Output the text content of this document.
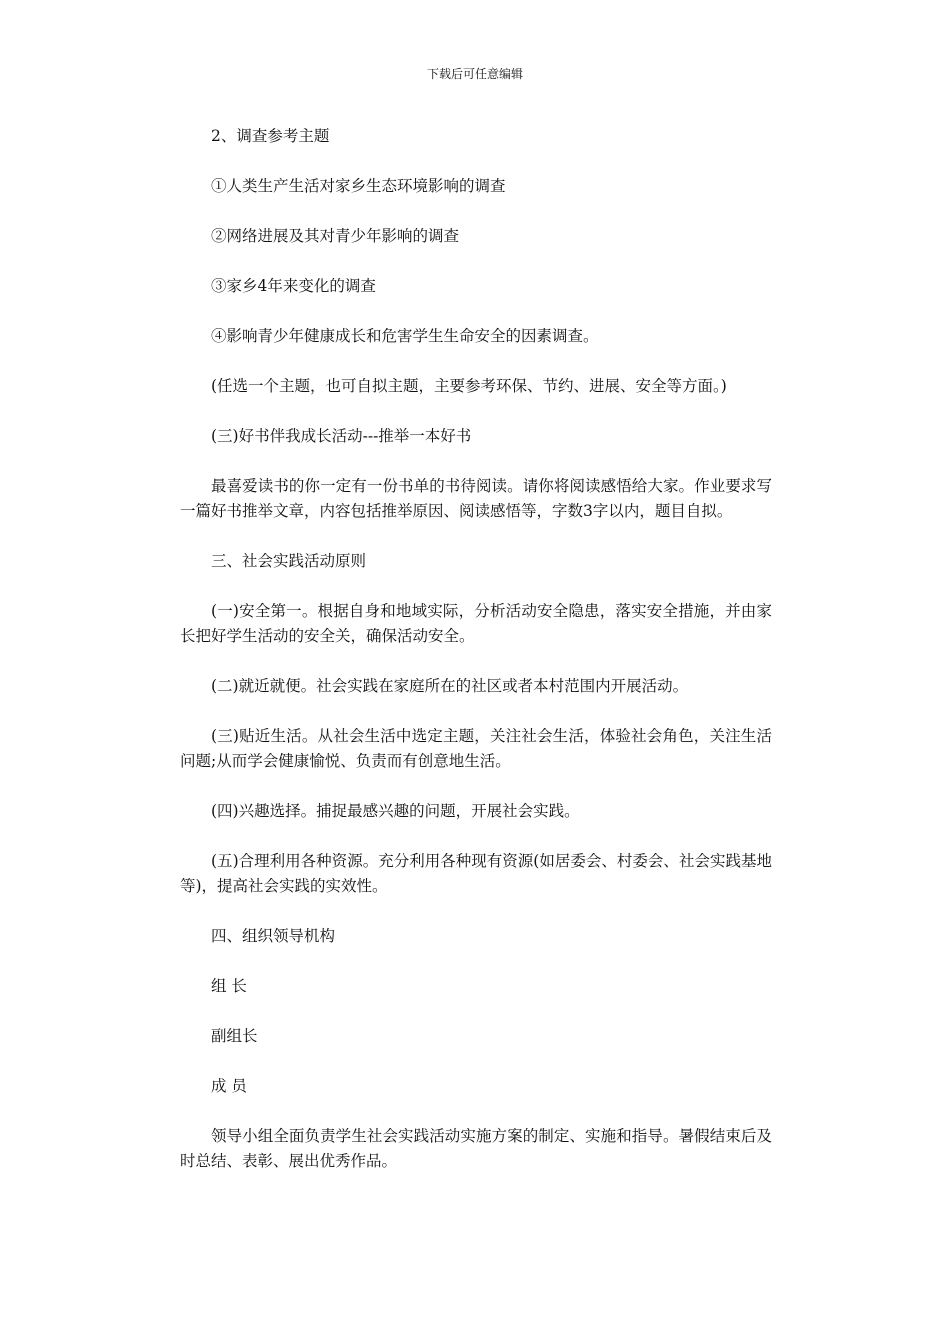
下载后可任意编辑

2、调查参考主题

①人类生产生活对家乡生态环境影响的调查

②网络进展及其对青少年影响的调查

③家乡4年来变化的调查

④影响青少年健康成长和危害学生生命安全的因素调查。

(任选一个主题，也可自拟主题，主要参考环保、节约、进展、安全等方面。)

(三)好书伴我成长活动---推举一本好书

最喜爱读书的你一定有一份书单的书待阅读。请你将阅读感悟给大家。作业要求写一篇好书推举文章，内容包括推举原因、阅读感悟等，字数3字以内，题目自拟。

三、社会实践活动原则

(一)安全第一。根据自身和地域实际，分析活动安全隐患，落实安全措施，并由家长把好学生活动的安全关，确保活动安全。

(二)就近就便。社会实践在家庭所在的社区或者本村范围内开展活动。

(三)贴近生活。从社会生活中选定主题，关注社会生活，体验社会角色，关注生活问题;从而学会健康愉悦、负责而有创意地生活。

(四)兴趣选择。捕捉最感兴趣的问题，开展社会实践。

(五)合理利用各种资源。充分利用各种现有资源(如居委会、村委会、社会实践基地等)，提高社会实践的实效性。

四、组织领导机构

组 长

副组长

成 员

领导小组全面负责学生社会实践活动实施方案的制定、实施和指导。暑假结束后及时总结、表彰、展出优秀作品。
